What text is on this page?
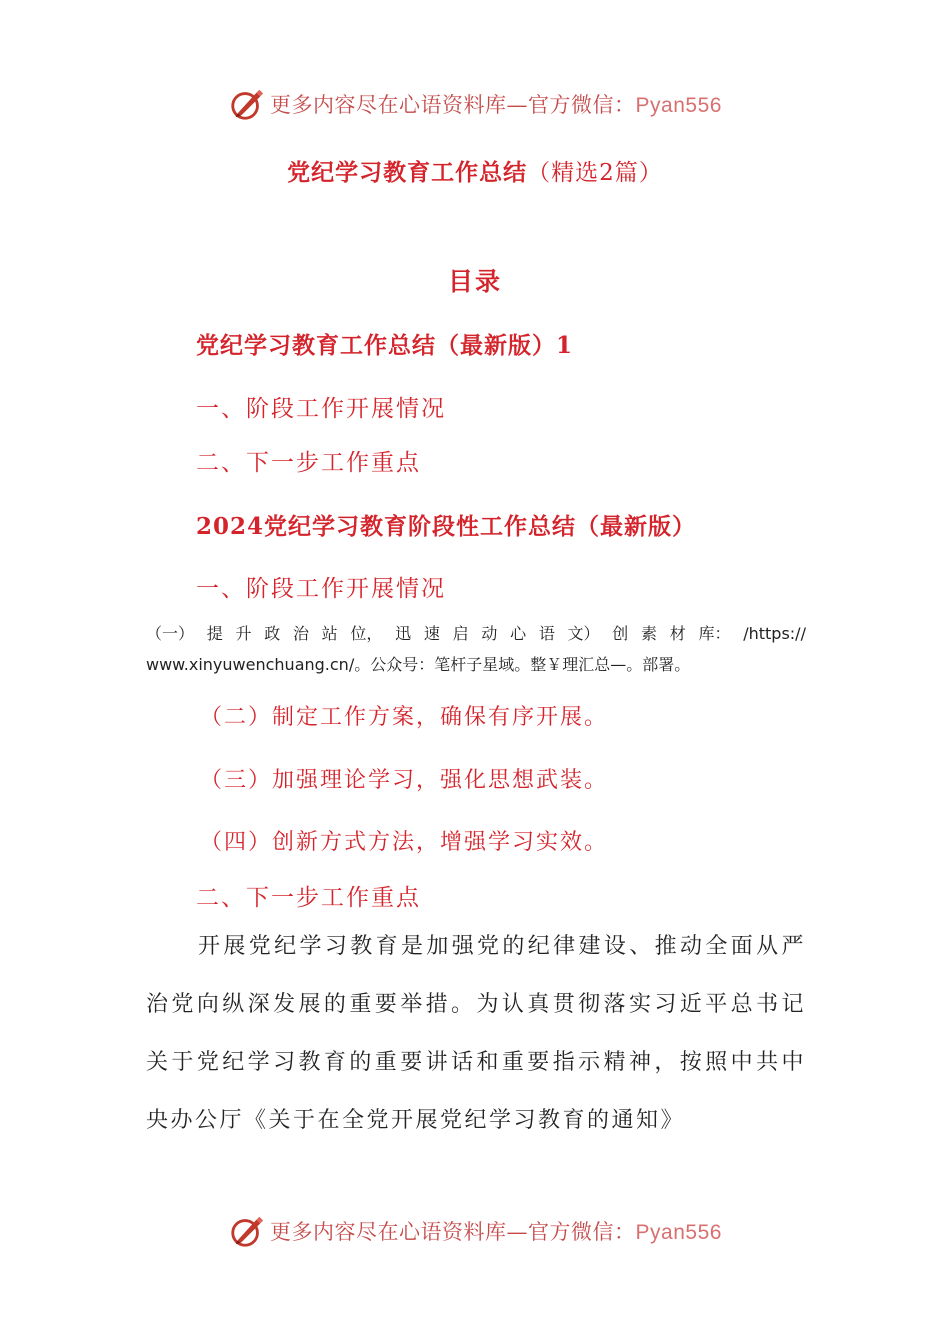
更多内容尽在心语资料库—官方微信：Pyan556
党纪学习教育工作总结（精选2篇）
目录
党纪学习教育工作总结（最新版）1
一、阶段工作开展情况
二、下一步工作重点
2024党纪学习教育阶段性工作总结（最新版）
一、阶段工作开展情况
（一） 提 升 政 治 站 位， 迅 速 启 动 心 语 文） 创 素 材 库： /https://
www.xinyuwenchuang.cn/。公众号：笔杆子星域。整￥理汇总—。部署。
（二）制定工作方案，确保有序开展。
（三）加强理论学习，强化思想武装。
（四）创新方式方法，增强学习实效。
二、下一步工作重点

开展党纪学习教育是加强党的纪律建设、推动全面从严治党向纵深发展的重要举措。为认真贯彻落实习近平总书记关于党纪学习教育的重要讲话和重要指示精神，按照中共中央办公厅《关于在全党开展党纪学习教育的通知》

更多内容尽在心语资料库—官方微信：Pyan556
